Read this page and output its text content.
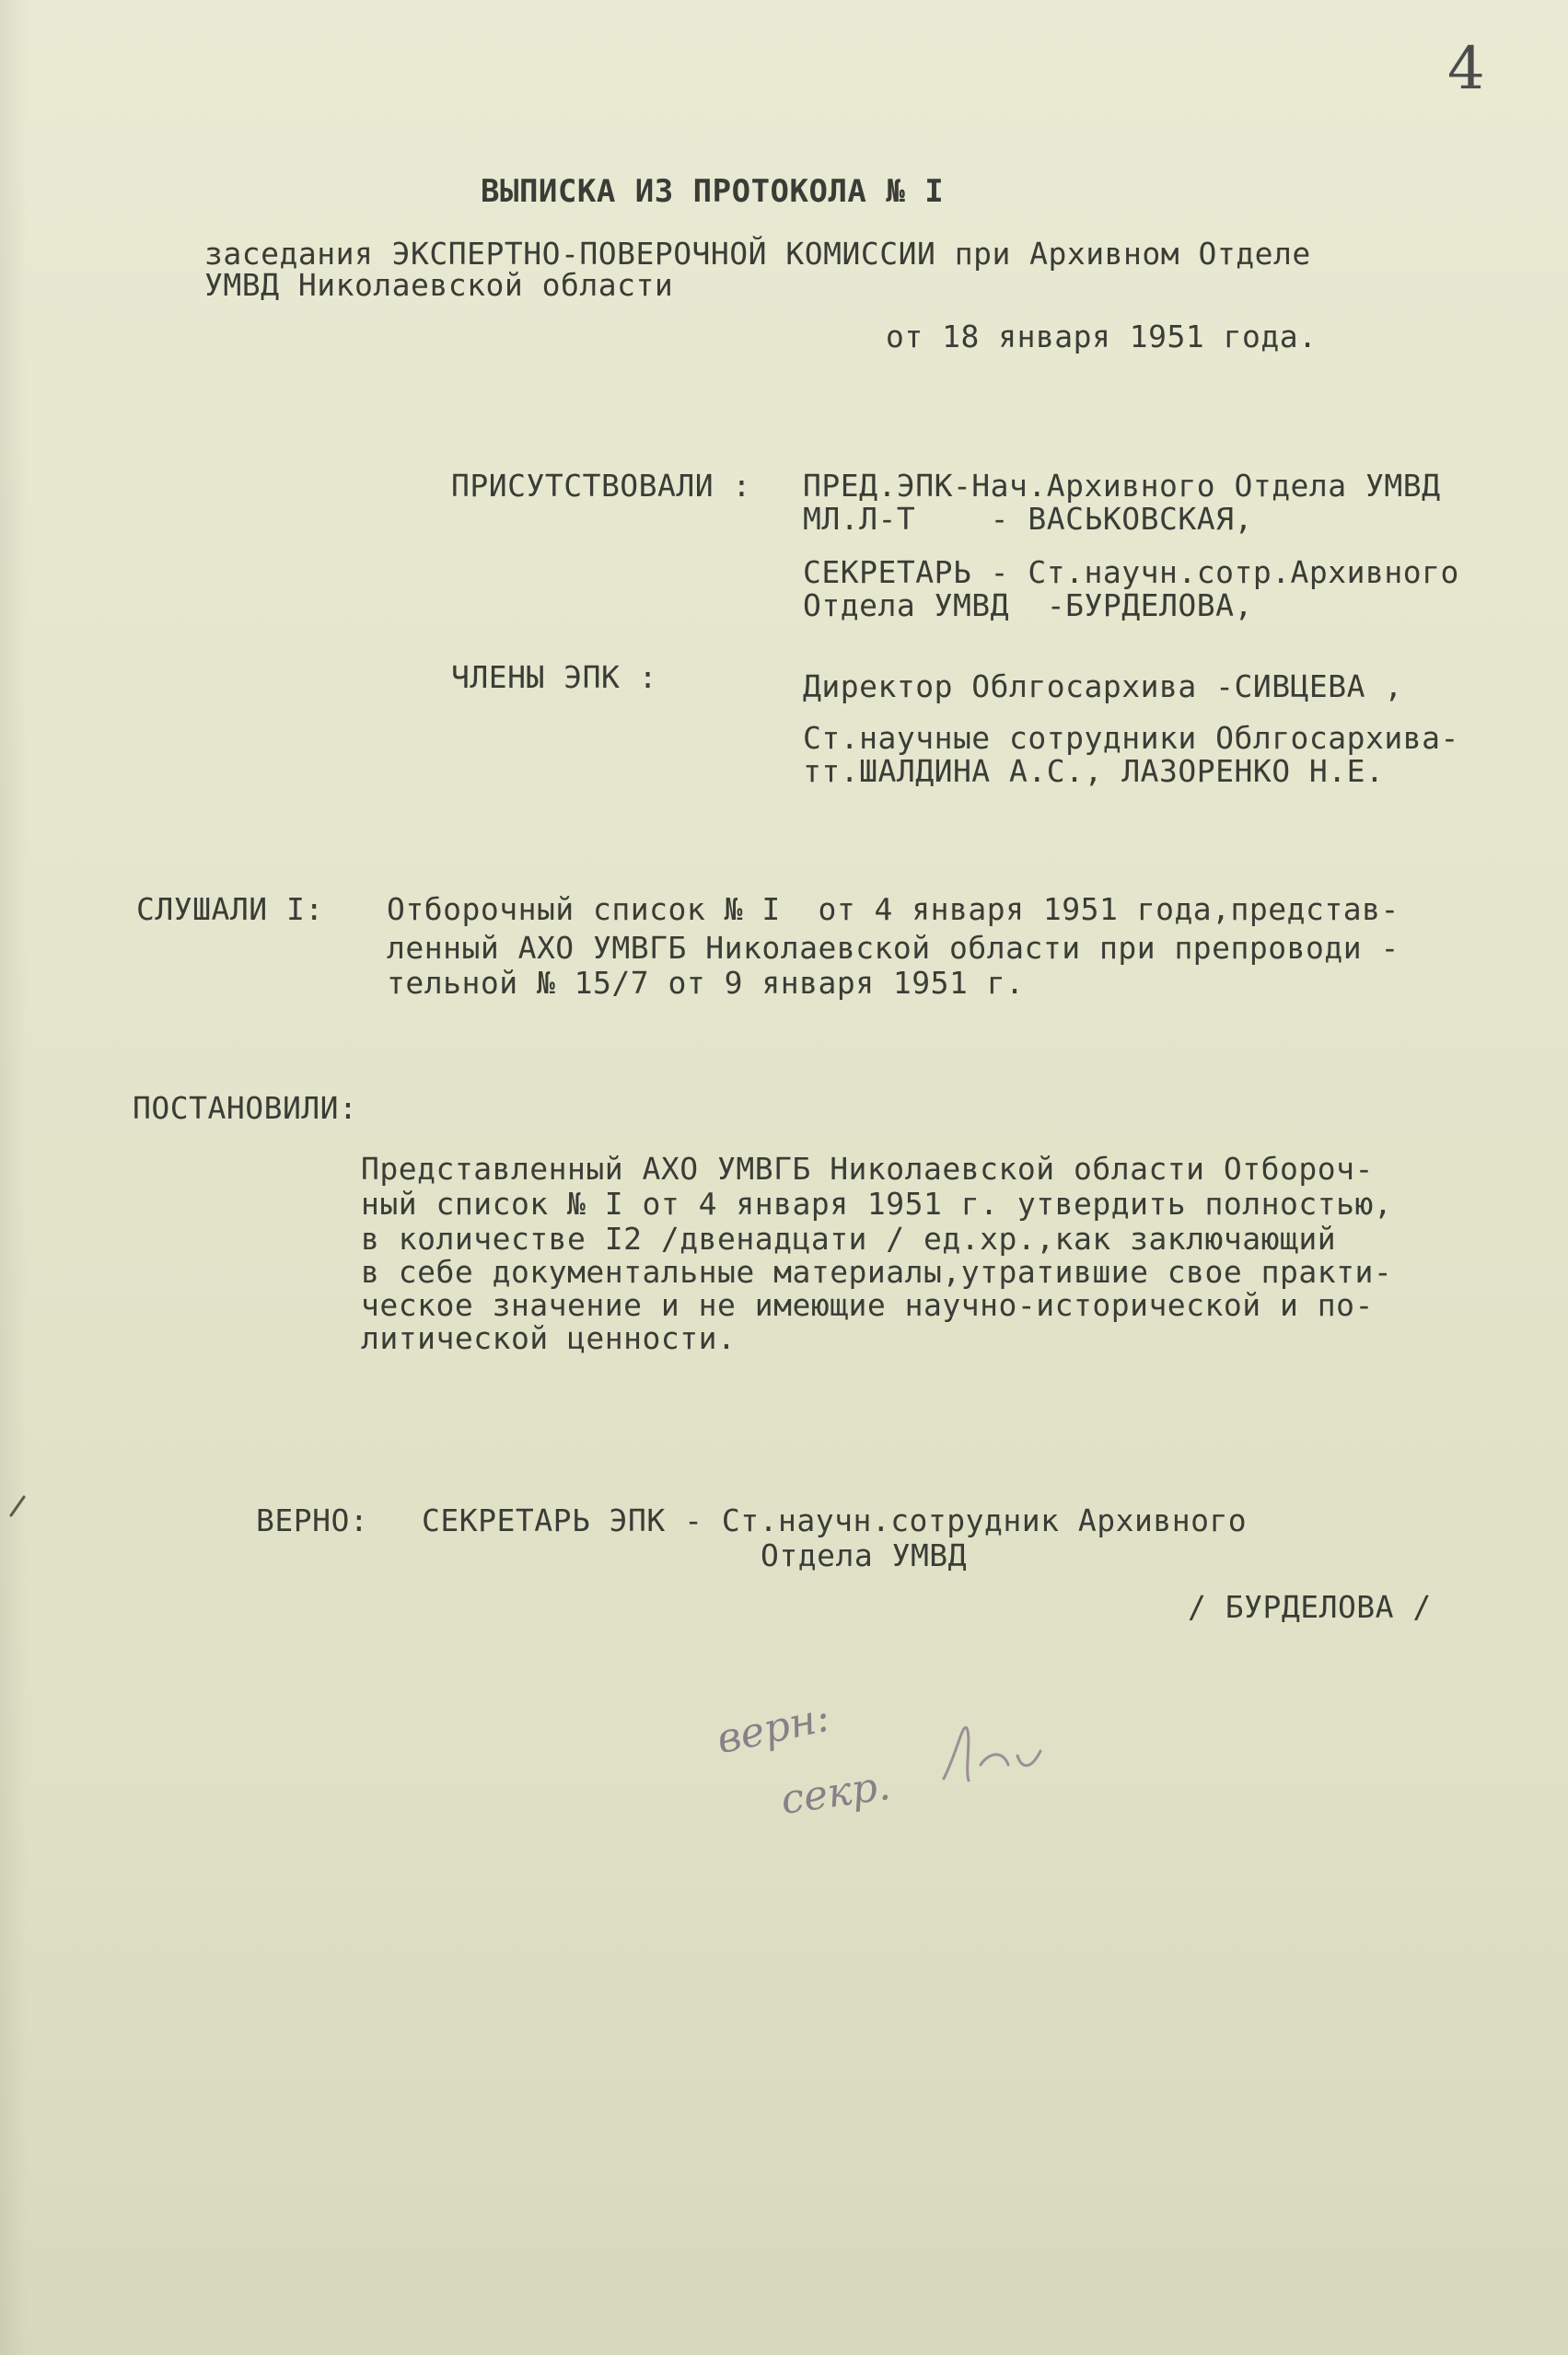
4
ВЫПИСКА ИЗ ПРОТОКОЛА № I
заседания ЭКСПЕРТНО-ПОВЕРОЧНОЙ КОМИССИИ при Архивном Отделе
УМВД Николаевской области
от 18 января 1951 года.
ПРИСУТСТВОВАЛИ : ПРЕД.ЭПК-Нач.Архивного Отдела УМВД
МЛ.Л-Т    - ВАСЬКОВСКАЯ,
СЕКРЕТАРЬ - Ст.научн.сотр.Архивного
Отдела УМВД  -БУРДЕЛОВА,
ЧЛЕНЫ ЭПК :	Директор Облгосархива -СИВЦЕВА ,
Ст.научные сотрудники Облгосархива-
тт.ШАЛДИНА А.С., ЛАЗОРЕНКО Н.Е.
СЛУШАЛИ I: Отборочный список № I  от 4 января 1951 года,представ-
ленный АХО УМВГБ Николаевской области при препроводи -
тельной № 15/7 от 9 января 1951 г.
ПОСТАНОВИЛИ:
Представленный АХО УМВГБ Николаевской области Отбороч-
ный список № I от 4 января 1951 г. утвердить полностью,
в количестве I2 /двенадцати / ед.хр.,как заключающий
в себе документальные материалы,утратившие свое практи-
ческое значение и не имеющие научно-исторической и по-
литической ценности.
ВЕРНО: СЕКРЕТАРЬ ЭПК - Ст.научн.сотрудник Архивного
Отдела УМВД
/ БУРДЕЛОВА /
верн:
секр.
